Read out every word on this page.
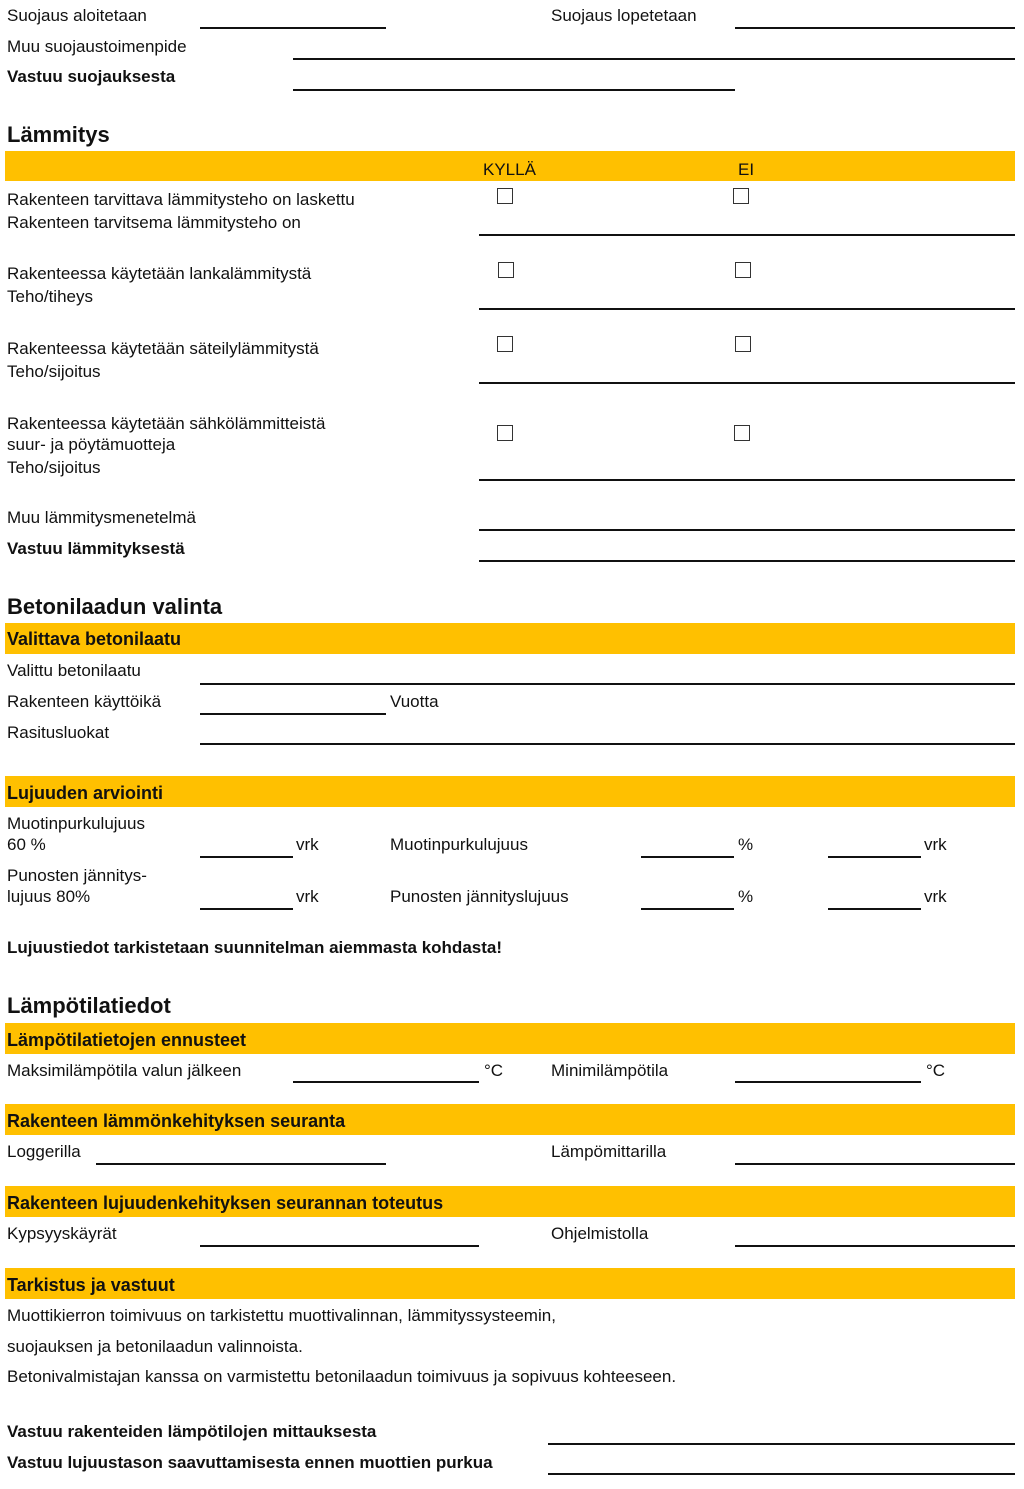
Suojaus aloitetaan	Suojaus lopetetaan
Muu suojaustoimenpide
Vastuu suojauksesta
Lämmitys
KYLLÄ	EI
Rakenteen tarvittava lämmitysteho on laskettu
Rakenteen tarvitsema lämmitysteho on
Rakenteessa käytetään lankalämmitystä
Teho/tiheys
Rakenteessa käytetään säteilylämmitystä
Teho/sijoitus
Rakenteessa käytetään sähkölämmitteistä
suur- ja pöytämuotteja
Teho/sijoitus
Muu lämmitysmenetelmä
Vastuu lämmityksestä
Betonilaadun valinta
Valittava betonilaatu
Valittu betonilaatu
Rakenteen käyttöikä	Vuotta
Rasitusluokat
Lujuuden arviointi
Muotinpurkulujuus
60 %	vrk	Muotinpurkulujuus	%	vrk
Punosten jännitys-
lujuus 80%	vrk	Punosten jännityslujuus	%	vrk
Lujuustiedot tarkistetaan suunnitelman aiemmasta kohdasta!
Lämpötilatiedot
Lämpötilatietojen ennusteet
Maksimilämpötila valun jälkeen	°C	Minimilämpötila	°C
Rakenteen lämmönkehityksen seuranta
Loggerilla	Lämpömittarilla
Rakenteen lujuudenkehityksen seurannan toteutus
Kypsyyskäyrät	Ohjelmistolla
Tarkistus ja vastuut
Muottikierron toimivuus on tarkistettu muottivalinnan, lämmityssysteemin,
suojauksen ja betonilaadun valinnoista.
Betonivalmistajan kanssa on varmistettu betonilaadun toimivuus ja sopivuus kohteeseen.
Vastuu rakenteiden lämpötilojen mittauksesta
Vastuu lujuustason saavuttamisesta ennen muottien purkua
